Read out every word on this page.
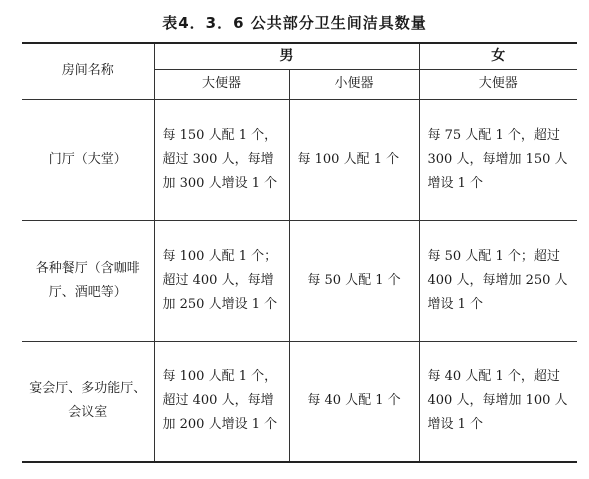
表4．3．6 公共部分卫生间洁具数量
房间名称	男		女
	大便器	小便器	大便器
门厅（大堂）	每 150 人配 1 个，超过 300 人，每增加 300 人增设 1 个	每 100 人配 1 个	每 75 人配 1 个，超过 300 人，每增加 150 人增设 1 个
各种餐厅（含咖啡厅、酒吧等）	每 100 人配 1 个；超过 400 人，每增加 250 人增设 1 个	每 50 人配 1 个	每 50 人配 1 个；超过 400 人，每增加 250 人增设 1 个
宴会厅、多功能厅、会议室	每 100 人配 1 个，超过 400 人，每增加 200 人增设 1 个	每 40 人配 1 个	每 40 人配 1 个，超过 400 人，每增加 100 人增设 1 个
